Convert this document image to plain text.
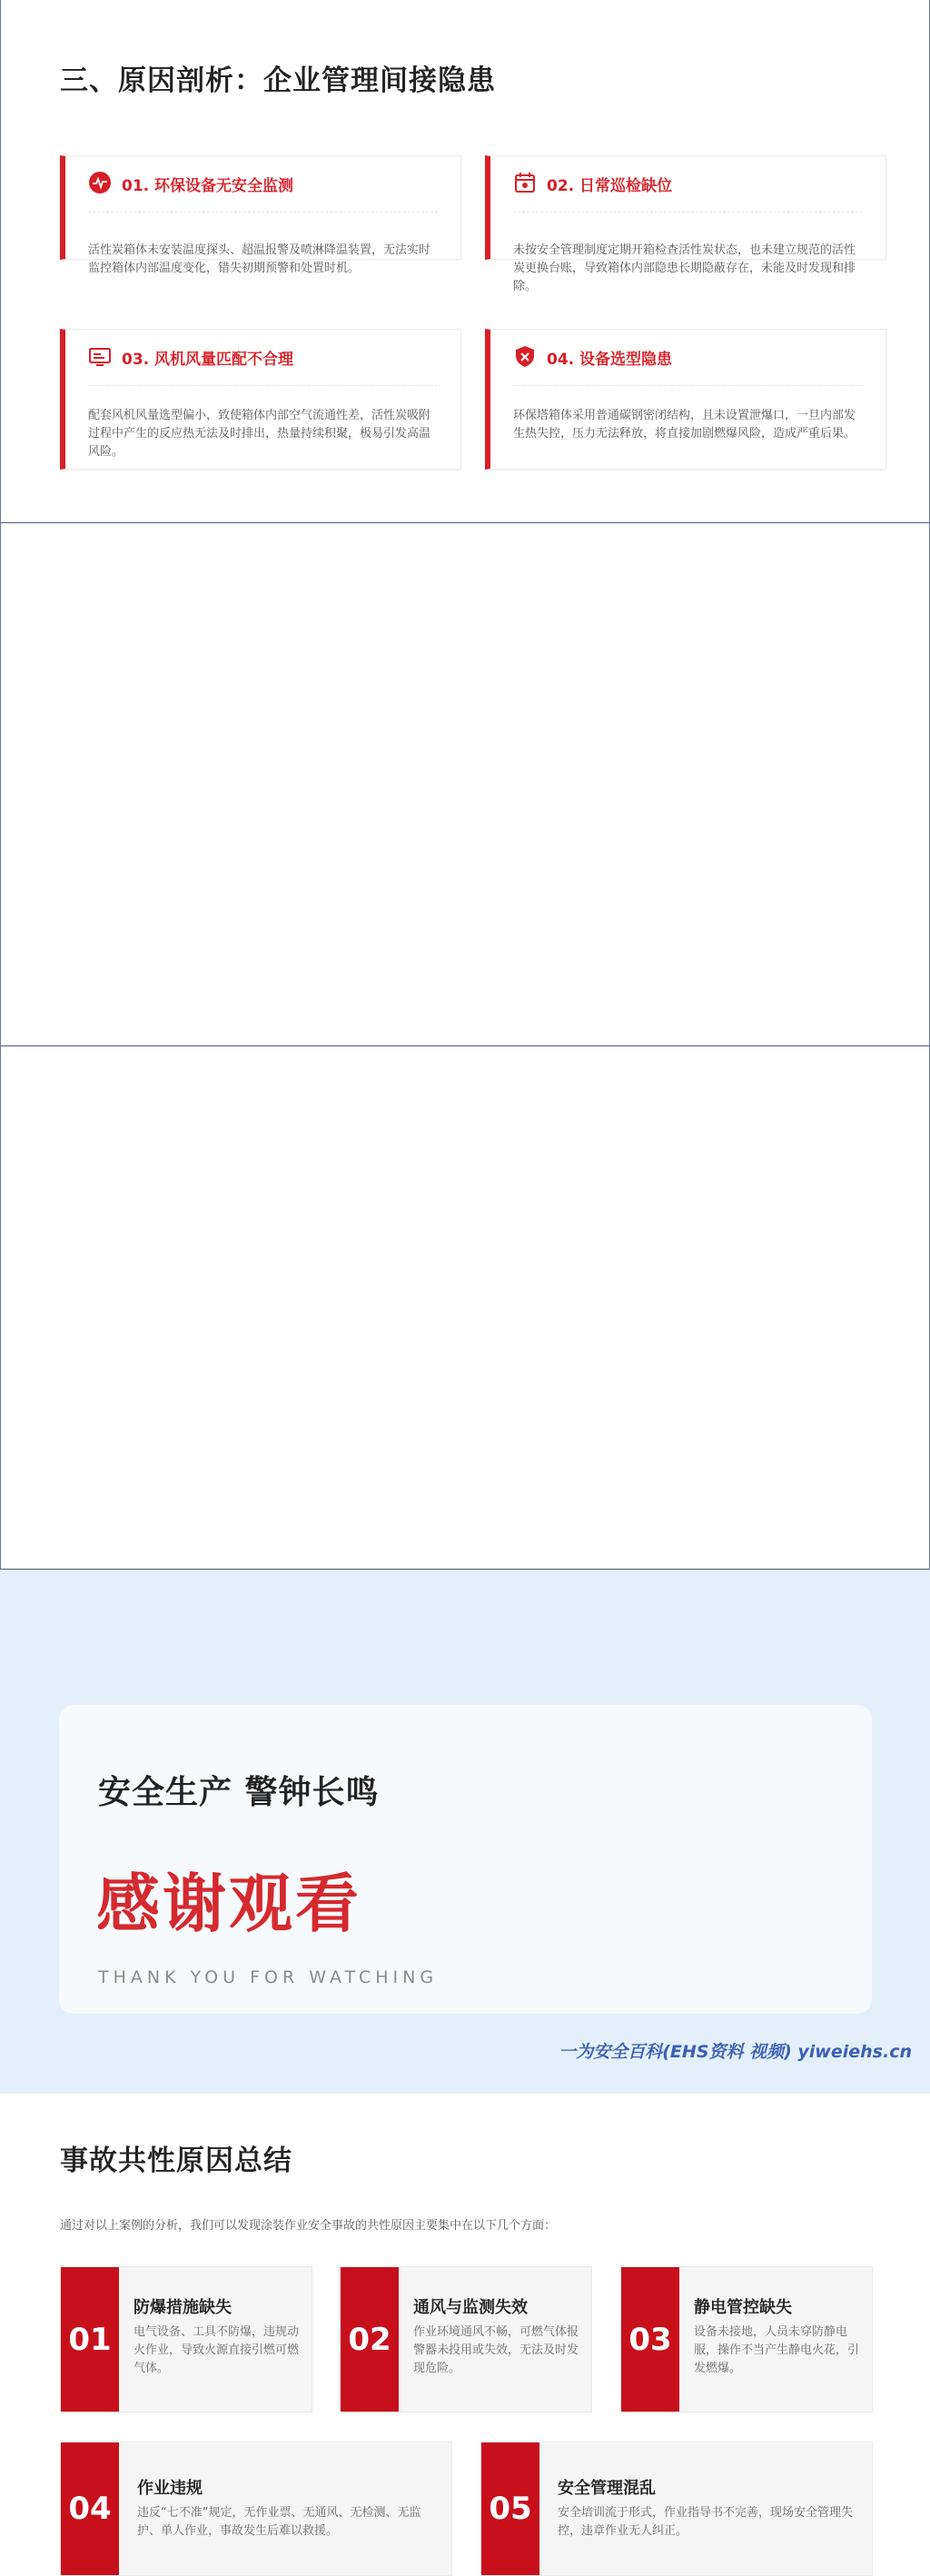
三、原因剖析：企业管理间接隐患
01. 环保设备无安全监测
活性炭箱体未安装温度探头、超温报警及喷淋降温装置，无法实时监控箱体内部温度变化，错失初期预警和处置时机。
02. 日常巡检缺位
未按安全管理制度定期开箱检查活性炭状态，也未建立规范的活性炭更换台账，导致箱体内部隐患长期隐蔽存在，未能及时发现和排除。
03. 风机风量匹配不合理
配套风机风量选型偏小，致使箱体内部空气流通性差，活性炭吸附过程中产生的反应热无法及时排出，热量持续积聚，极易引发高温风险。
04. 设备选型隐患
环保塔箱体采用普通碳钢密闭结构，且未设置泄爆口，一旦内部发生热失控，压力无法释放，将直接加剧燃爆风险，造成严重后果。
事故共性原因总结
通过对以上案例的分析，我们可以发现涂装作业安全事故的共性原因主要集中在以下几个方面：
01
防爆措施缺失
电气设备、工具不防爆，违规动火作业，导致火源直接引燃可燃气体。
02
通风与监测失效
作业环境通风不畅，可燃气体报警器未投用或失效，无法及时发现危险。
03
静电管控缺失
设备未接地，人员未穿防静电服，操作不当产生静电火花，引发燃爆。
04
作业违规
违反“七不准”规定，无作业票、无通风、无检测、无监护、单人作业，事故发生后难以救援。
05
安全管理混乱
安全培训流于形式，作业指导书不完善，现场安全管理失控，违章作业无人纠正。
安全生产 警钟长鸣
感谢观看
THANK YOU FOR WATCHING
一为安全百科(EHS资料 视频) yiweiehs.cn
